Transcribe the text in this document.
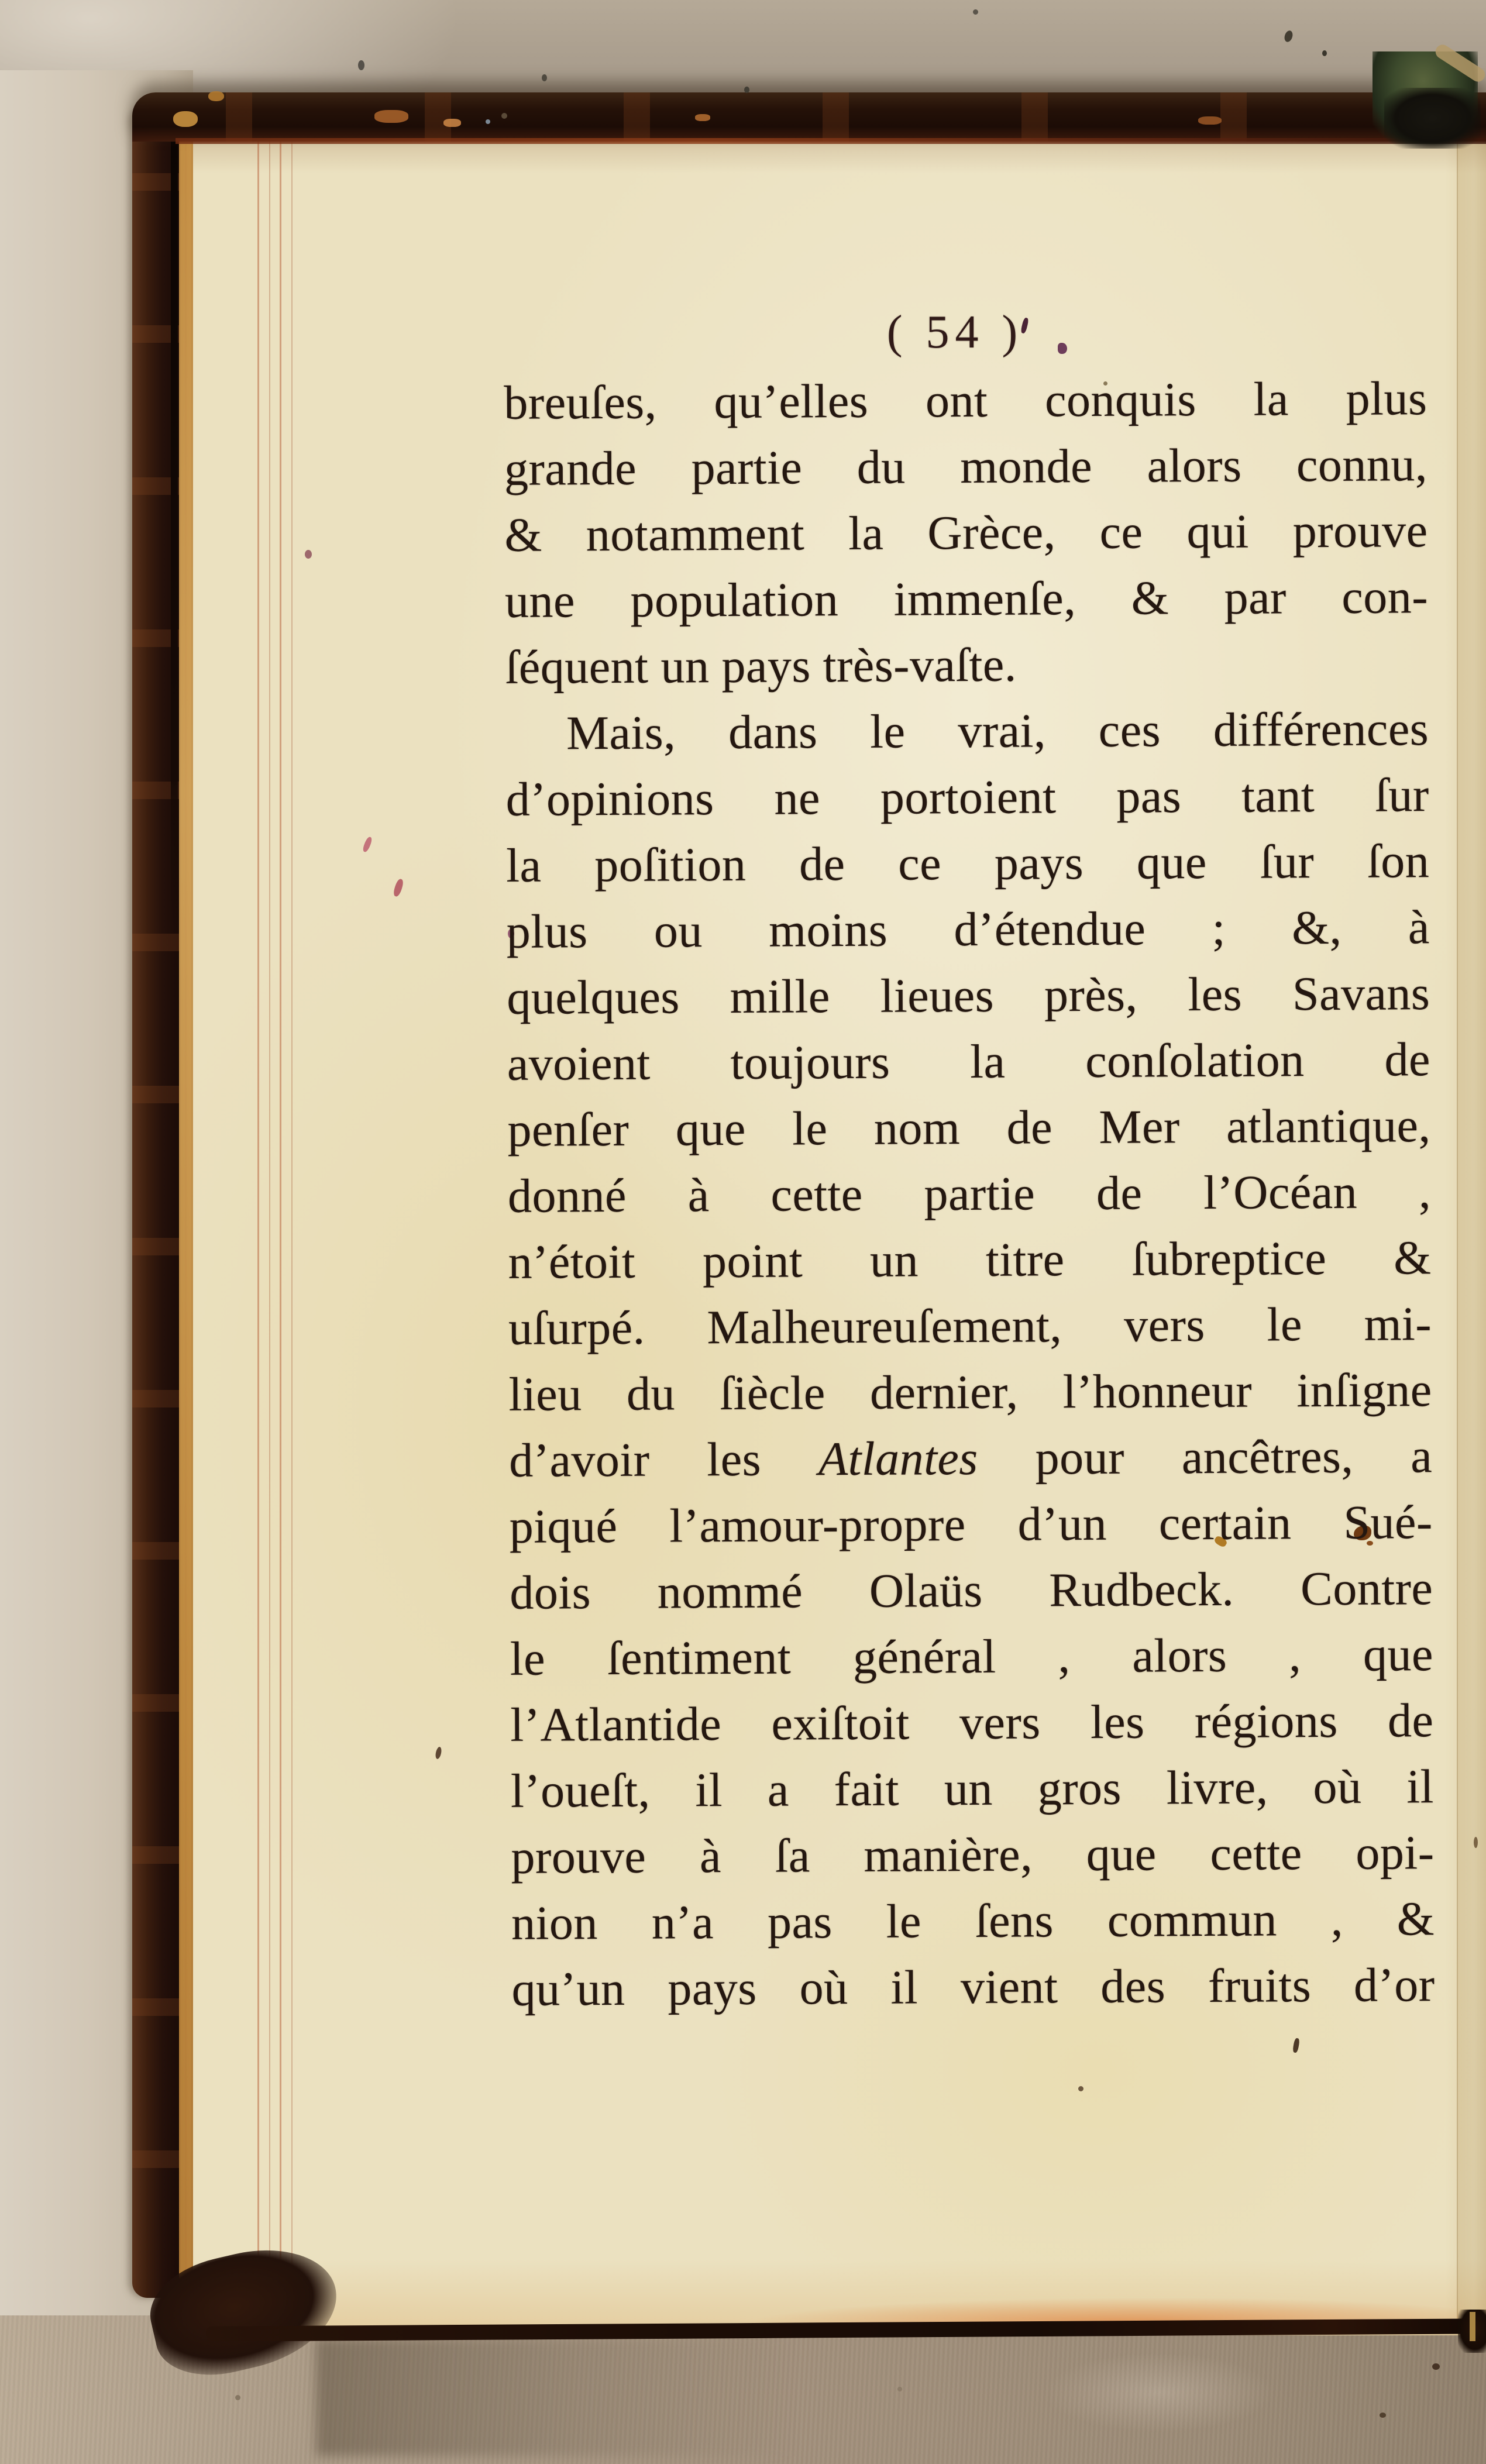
( 54 )
breuſes, qu’elles ont conquis la plus
grande partie du monde alors connu,
& notamment la Grèce, ce qui prouve
une population immenſe, & par con-
ſéquent un pays très-vaſte.
Mais, dans le vrai, ces différences
d’opinions ne portoient pas tant ſur
la poſition de ce pays que ſur ſon
plus ou moins d’étendue ; &, à
quelques mille lieues près, les Savans
avoient toujours la conſolation de
penſer que le nom de Mer atlantique,
donné à cette partie de l’Océan ,
n’étoit point un titre ſubreptice &
uſurpé. Malheureuſement, vers le mi-
lieu du ſiècle dernier, l’honneur inſigne
d’avoir les Atlantes pour ancêtres, a
piqué l’amour-propre d’un certain Sué-
dois nommé Olaüs Rudbeck. Contre
le ſentiment général , alors , que
l’Atlantide exiſtoit vers les régions de
l’oueſt, il a fait un gros livre, où il
prouve à ſa manière, que cette opi-
nion n’a pas le ſens commun , &
qu’un pays où il vient des fruits d’or
